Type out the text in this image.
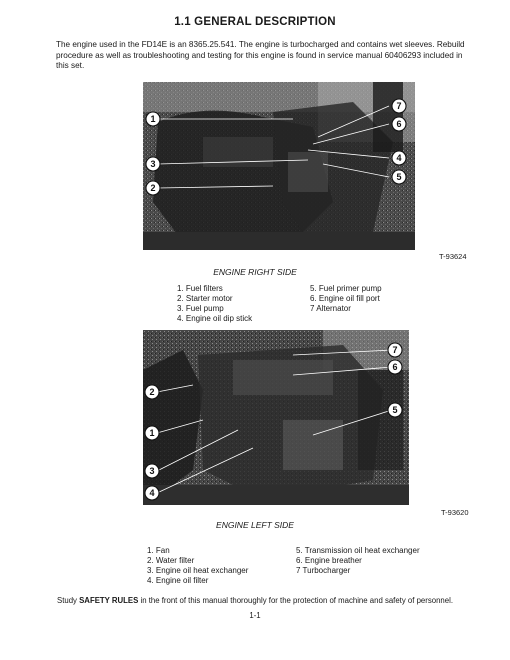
1.1 GENERAL DESCRIPTION
The engine used in the FD14E is an 8365.25.541. The engine is turbocharged and contains wet sleeves. Rebuild procedure as well as troubleshooting and testing for this engine is found in service manual 60406293 included in this set.
1
3
2
7
6
4
5
T-93624
ENGINE RIGHT SIDE
1. Fuel filters
2. Starter motor
3. Fuel pump
4. Engine oil dip stick
5. Fuel primer pump
6. Engine oil fill port
7 Alternator
7
6
2
5
1
3
4
T-93620
ENGINE LEFT SIDE
1. Fan
2. Water filter
3. Engine oil heat exchanger
4. Engine oil filter
5. Transmission oil heat exchanger
6. Engine breather
7 Turbocharger
Study SAFETY RULES in the front of this manual thoroughly for the protection of machine and safety of personnel.
1-1
